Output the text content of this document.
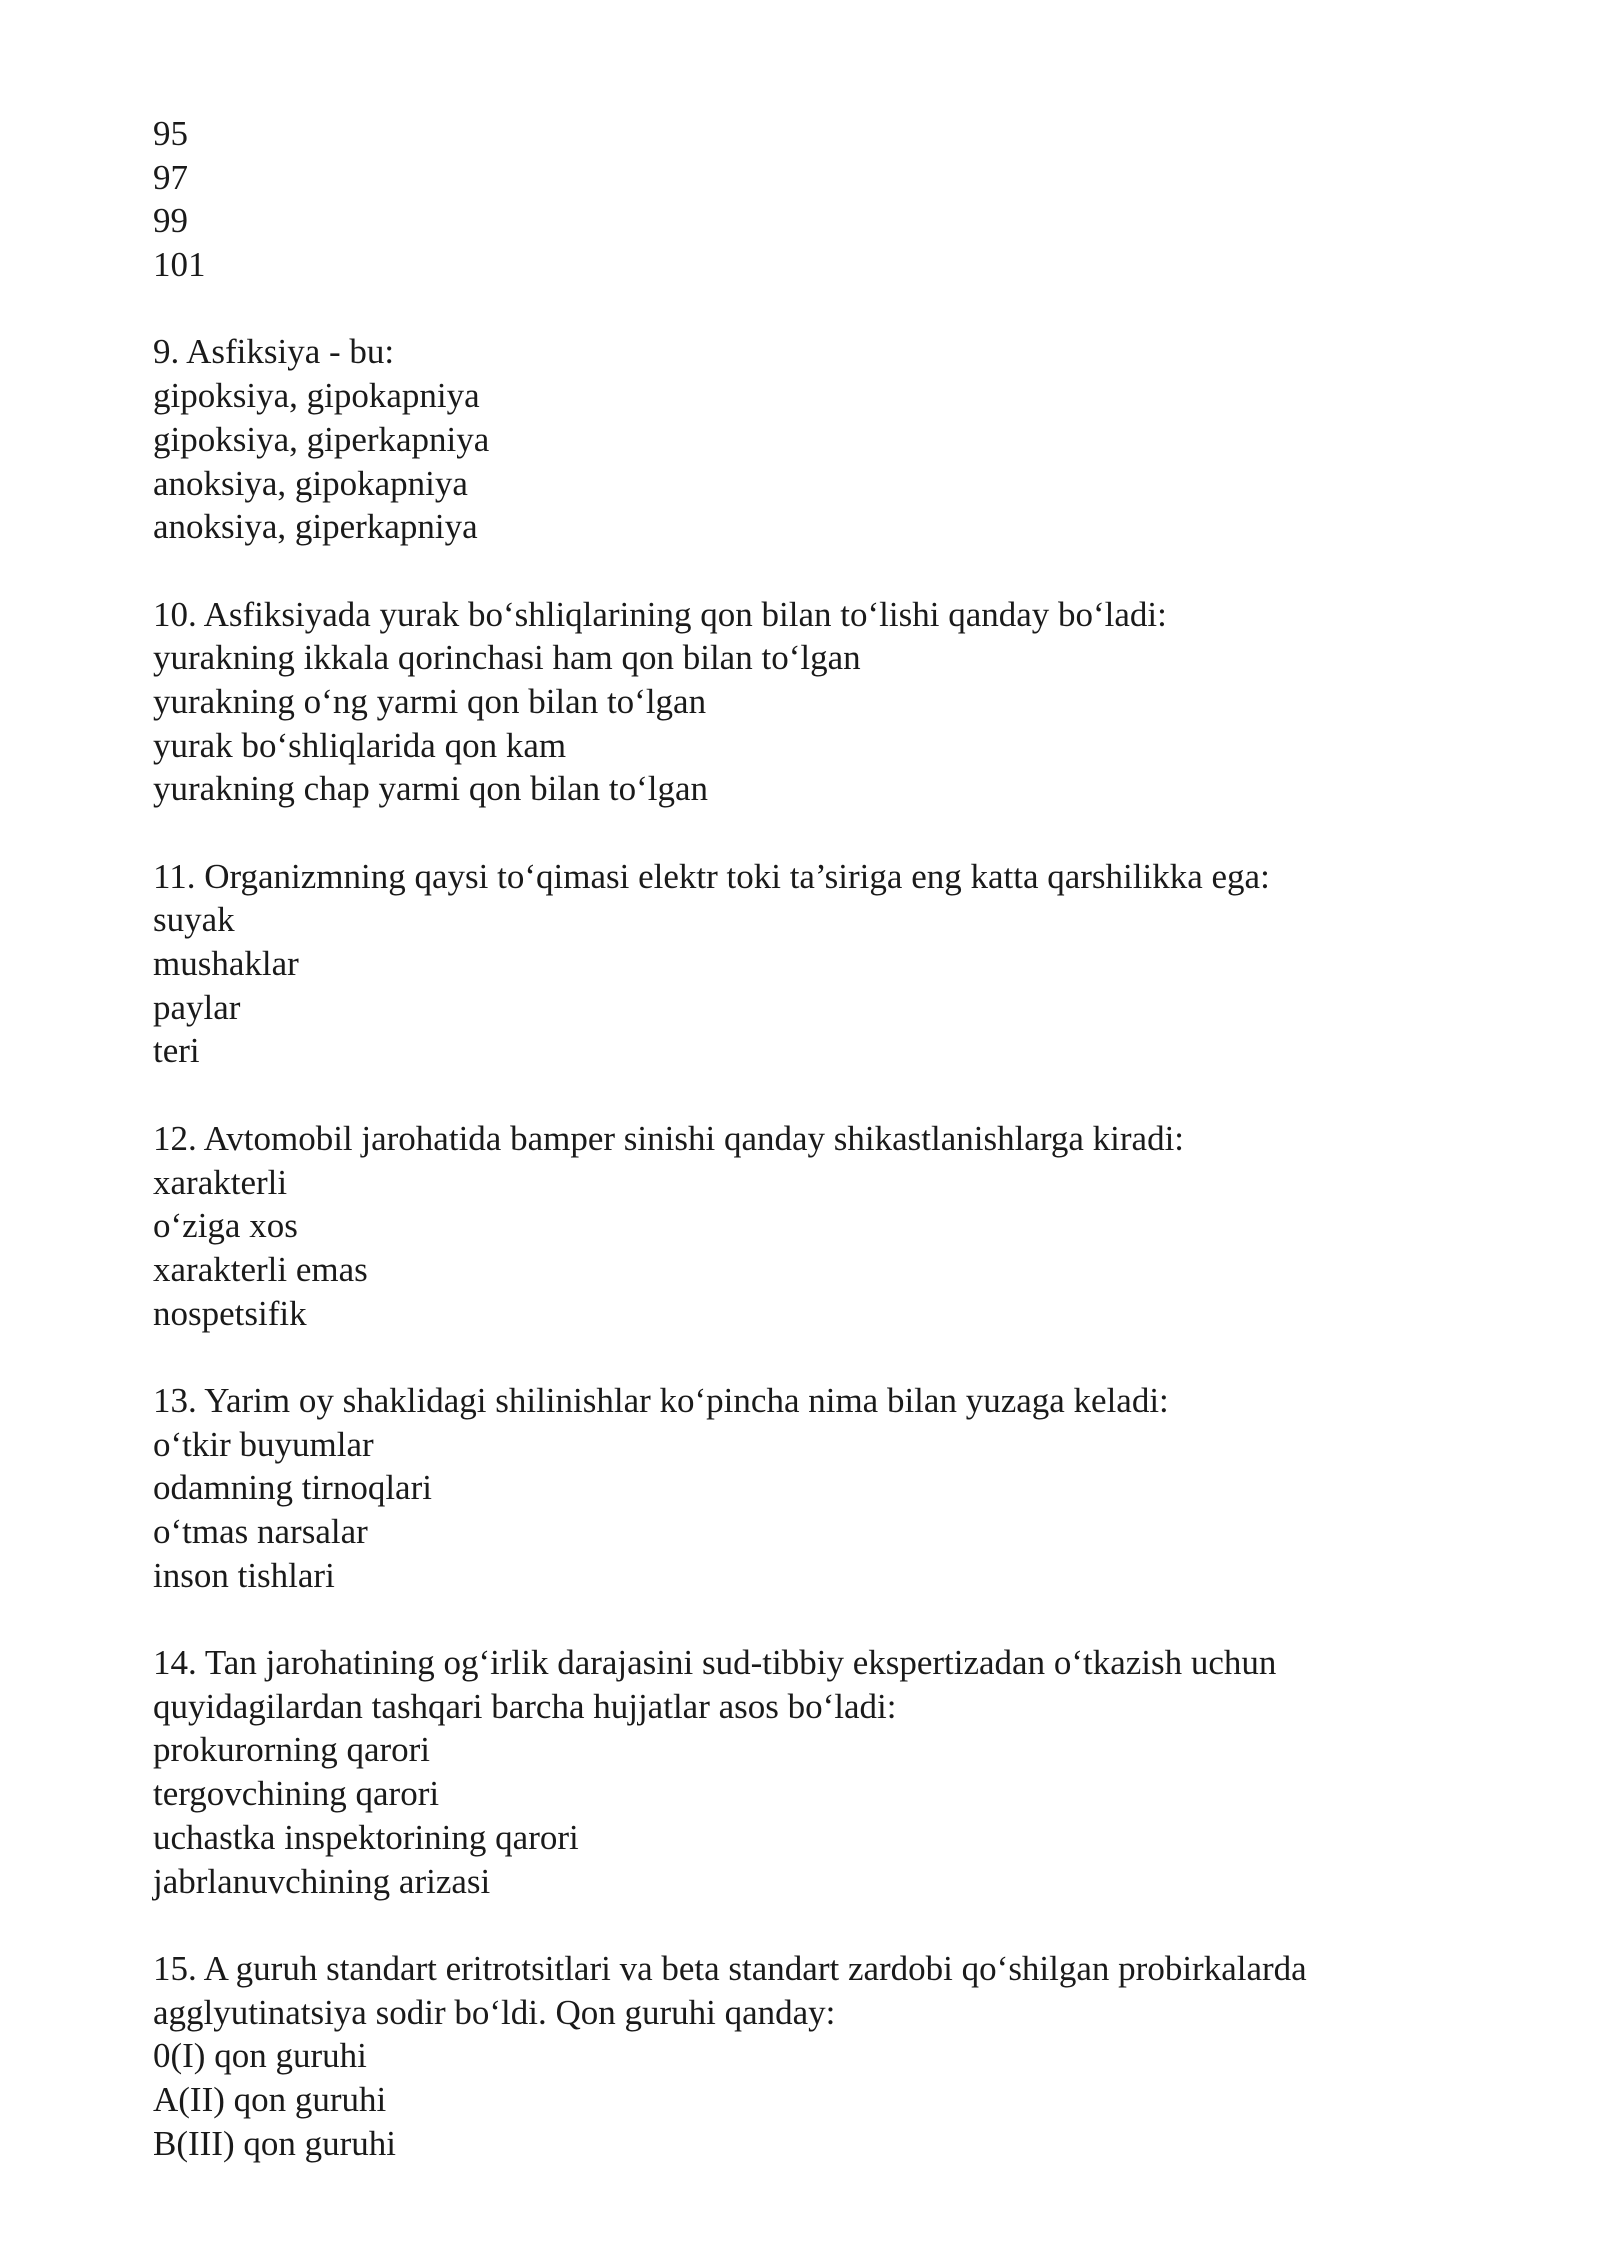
95
97
99
101
9. Asfiksiya - bu:
gipoksiya, gipokapniya
gipoksiya, giperkapniya
anoksiya, gipokapniya
anoksiya, giperkapniya
10. Asfiksiyada yurak bo‘shliqlarining qon bilan to‘lishi qanday bo‘ladi:
yurakning ikkala qorinchasi ham qon bilan to‘lgan
yurakning o‘ng yarmi qon bilan to‘lgan
yurak bo‘shliqlarida qon kam
yurakning chap yarmi qon bilan to‘lgan
11. Organizmning qaysi to‘qimasi elektr toki ta’siriga eng katta qarshilikka ega:
suyak
mushaklar
paylar
teri
12. Avtomobil jarohatida bamper sinishi qanday shikastlanishlarga kiradi:
xarakterli
o‘ziga xos
xarakterli emas
nospetsifik
13. Yarim oy shaklidagi shilinishlar ko‘pincha nima bilan yuzaga keladi:
o‘tkir buyumlar
odamning tirnoqlari
o‘tmas narsalar
inson tishlari
14. Tan jarohatining og‘irlik darajasini sud-tibbiy ekspertizadan o‘tkazish uchun
quyidagilardan tashqari barcha hujjatlar asos bo‘ladi:
prokurorning qarori
tergovchining qarori
uchastka inspektorining qarori
jabrlanuvchining arizasi
15. A guruh standart eritrotsitlari va beta standart zardobi qo‘shilgan probirkalarda
agglyutinatsiya sodir bo‘ldi. Qon guruhi qanday:
0(I) qon guruhi
A(II) qon guruhi
B(III) qon guruhi
